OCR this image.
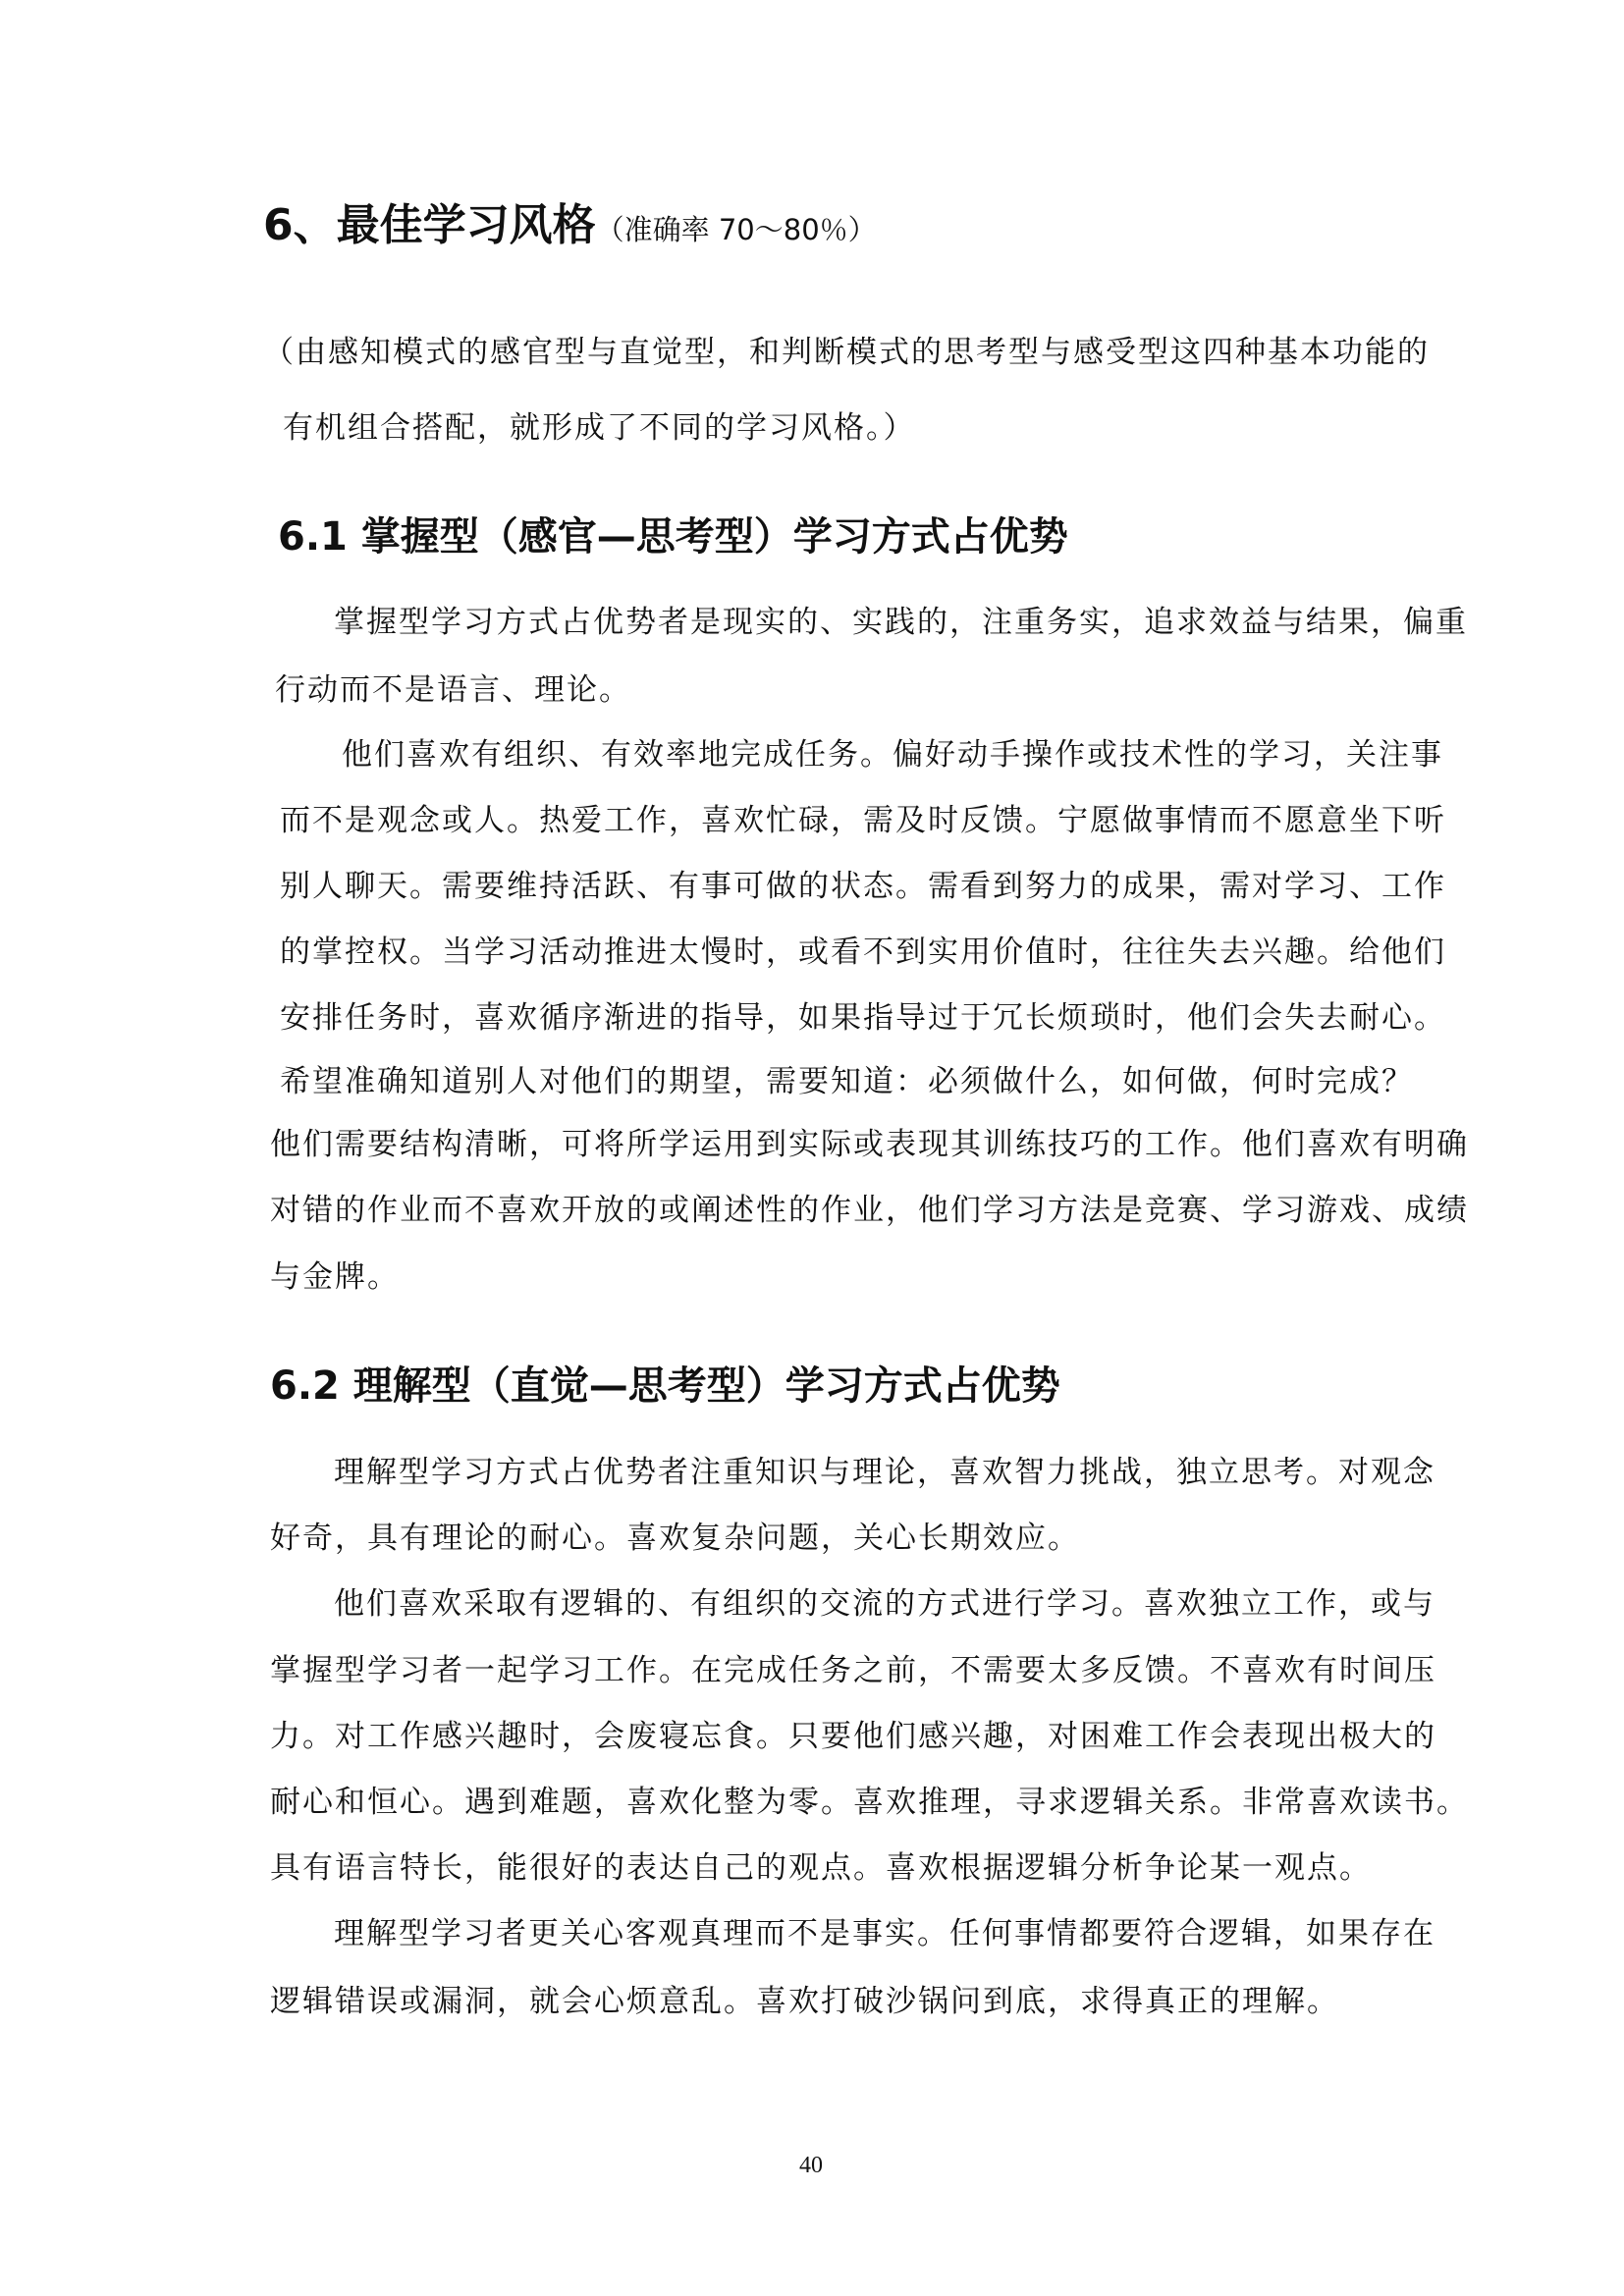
6、最佳学习风格（准确率 70～80％）
（由感知模式的感官型与直觉型，和判断模式的思考型与感受型这四种基本功能的
有机组合搭配，就形成了不同的学习风格。）
6.1 掌握型（感官—思考型）学习方式占优势
掌握型学习方式占优势者是现实的、实践的，注重务实，追求效益与结果，偏重
行动而不是语言、理论。
他们喜欢有组织、有效率地完成任务。偏好动手操作或技术性的学习，关注事
而不是观念或人。热爱工作，喜欢忙碌，需及时反馈。宁愿做事情而不愿意坐下听
别人聊天。需要维持活跃、有事可做的状态。需看到努力的成果，需对学习、工作
的掌控权。当学习活动推进太慢时，或看不到实用价值时，往往失去兴趣。给他们
安排任务时，喜欢循序渐进的指导，如果指导过于冗长烦琐时，他们会失去耐心。
希望准确知道别人对他们的期望，需要知道：必须做什么，如何做，何时完成？
他们需要结构清晰，可将所学运用到实际或表现其训练技巧的工作。他们喜欢有明确
对错的作业而不喜欢开放的或阐述性的作业，他们学习方法是竞赛、学习游戏、成绩
与金牌。
6.2 理解型（直觉—思考型）学习方式占优势
理解型学习方式占优势者注重知识与理论，喜欢智力挑战，独立思考。对观念
好奇，具有理论的耐心。喜欢复杂问题，关心长期效应。
他们喜欢采取有逻辑的、有组织的交流的方式进行学习。喜欢独立工作，或与
掌握型学习者一起学习工作。在完成任务之前，不需要太多反馈。不喜欢有时间压
力。对工作感兴趣时，会废寝忘食。只要他们感兴趣，对困难工作会表现出极大的
耐心和恒心。遇到难题，喜欢化整为零。喜欢推理，寻求逻辑关系。非常喜欢读书。
具有语言特长，能很好的表达自己的观点。喜欢根据逻辑分析争论某一观点。
理解型学习者更关心客观真理而不是事实。任何事情都要符合逻辑，如果存在
逻辑错误或漏洞，就会心烦意乱。喜欢打破沙锅问到底，求得真正的理解。
40
